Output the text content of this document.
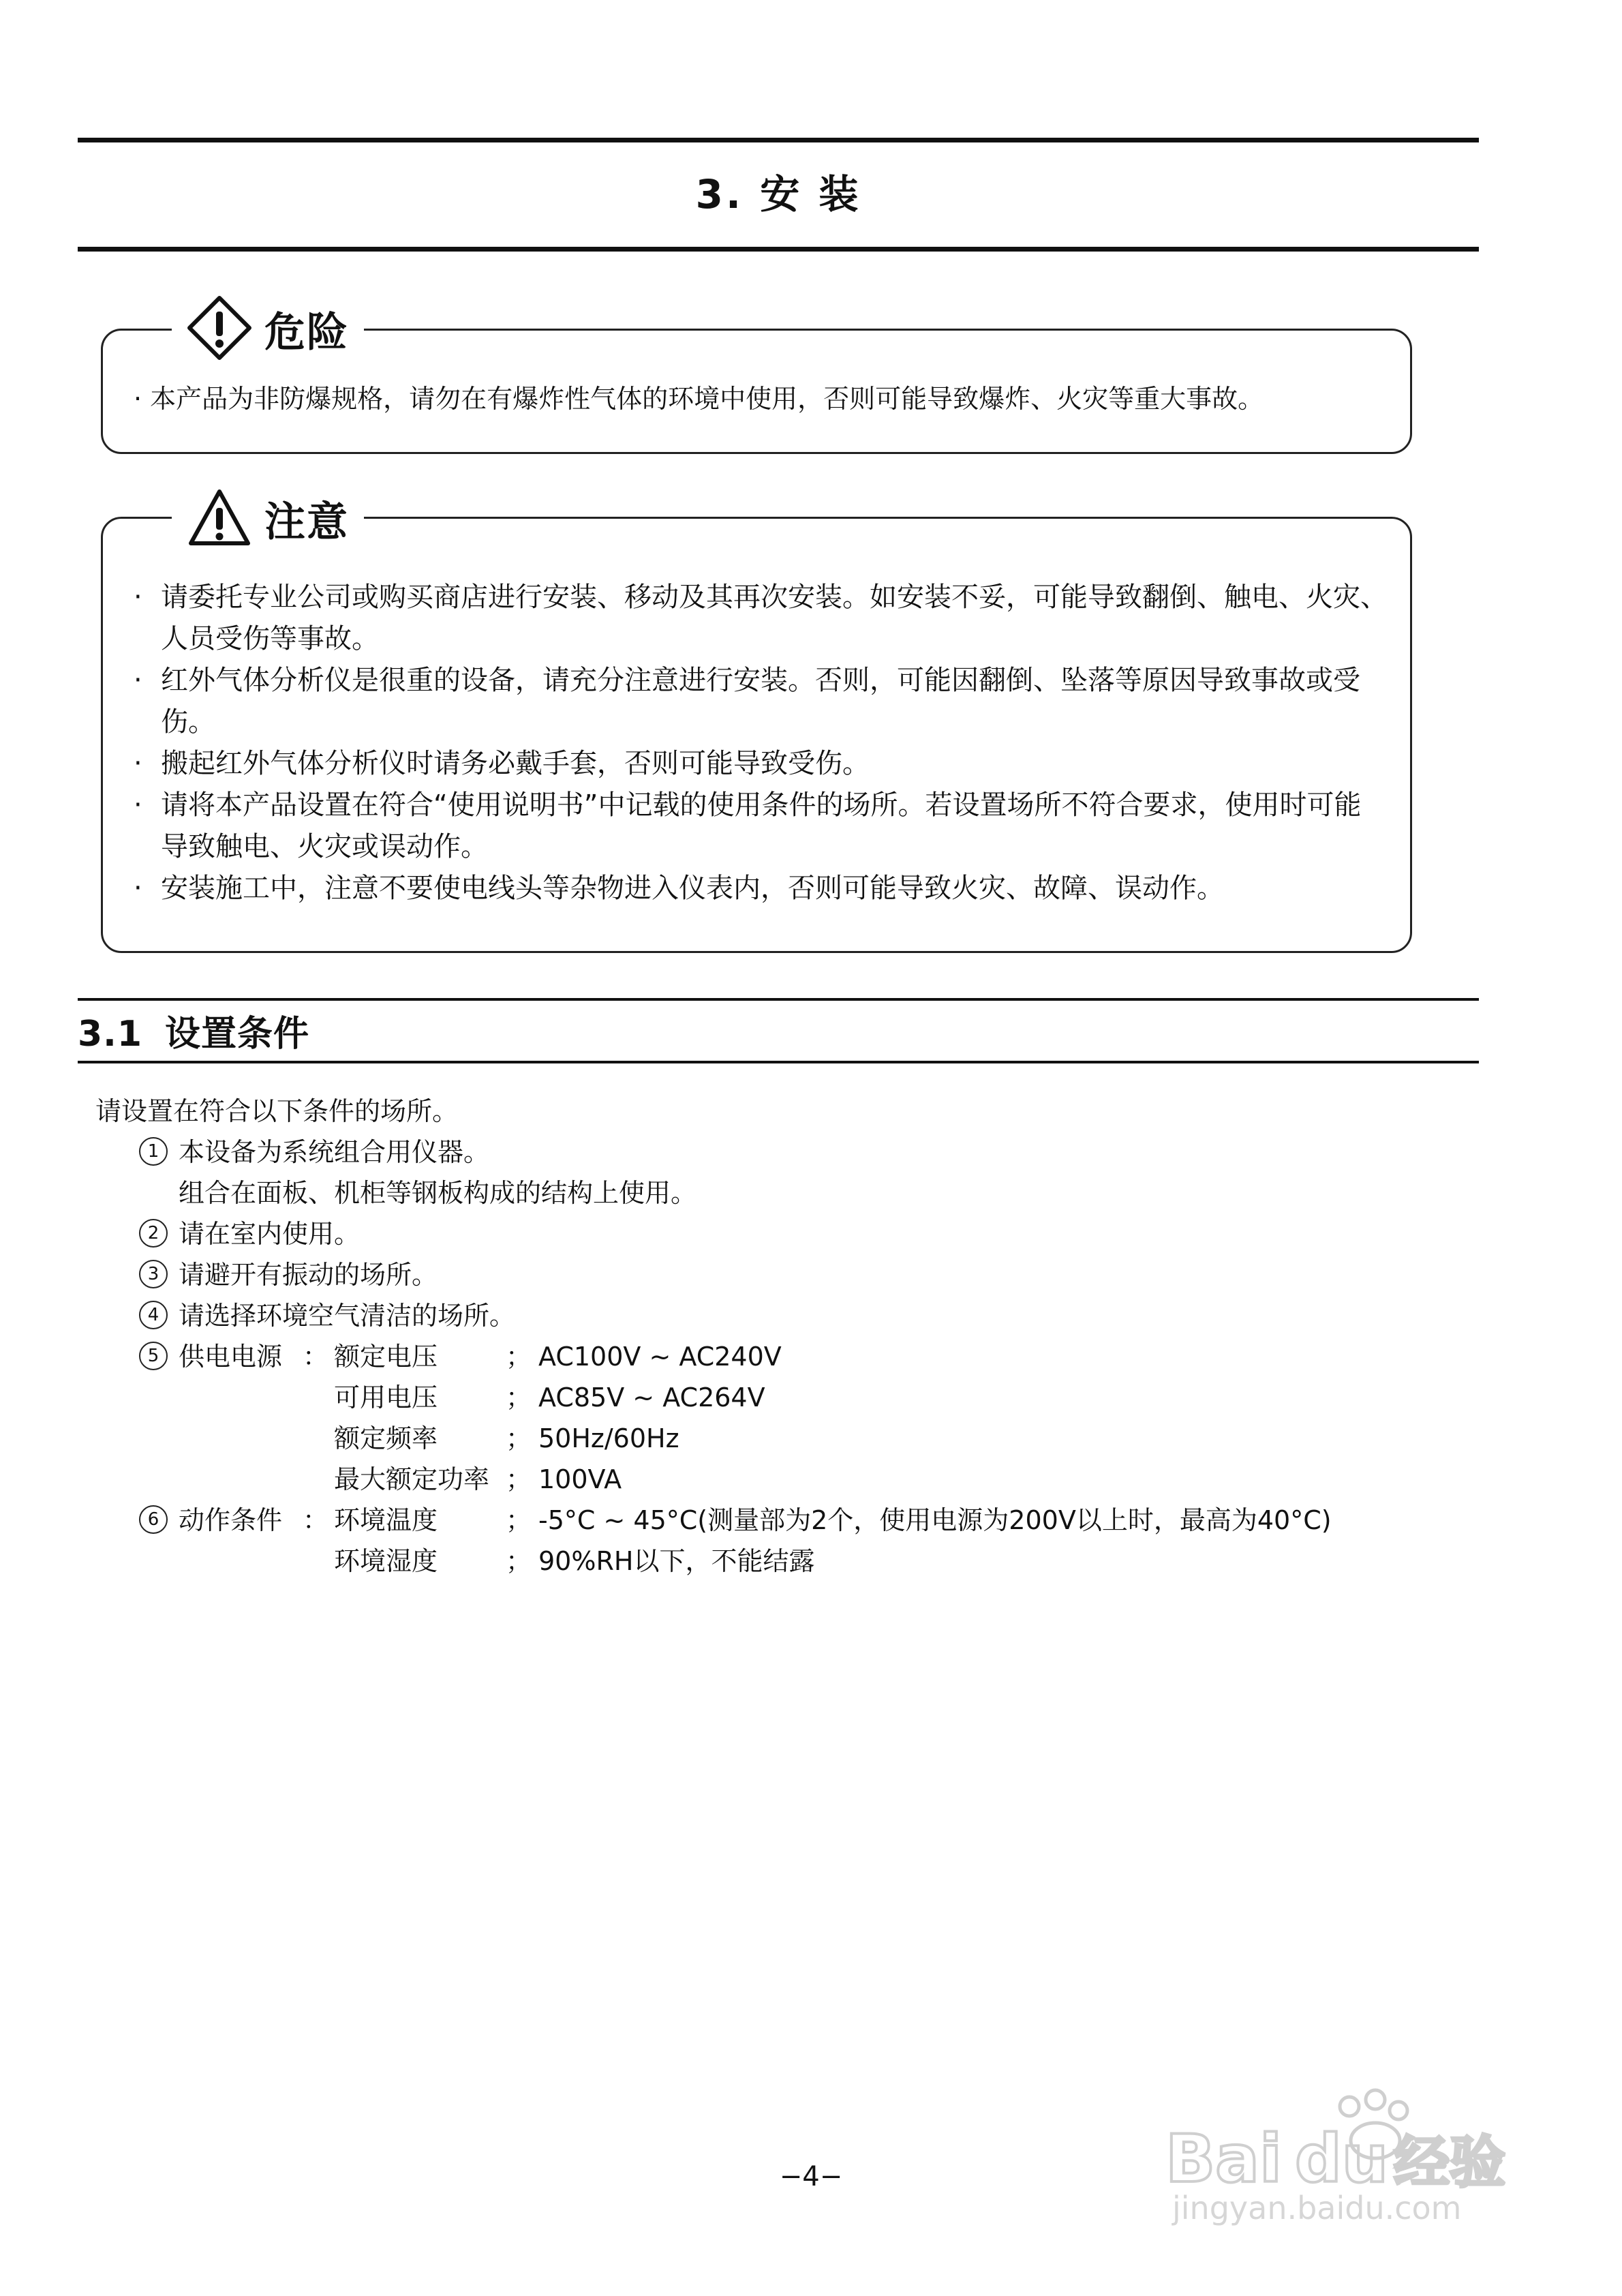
3. 安 装
危险
· 本产品为非防爆规格，请勿在有爆炸性气体的环境中使用，否则可能导致爆炸、火灾等重大事故。
注意
· 请委托专业公司或购买商店进行安装、移动及其再次安装。如安装不妥，可能导致翻倒、触电、火灾、人员受伤等事故。
· 红外气体分析仪是很重的设备，请充分注意进行安装。否则，可能因翻倒、坠落等原因导致事故或受伤。
· 搬起红外气体分析仪时请务必戴手套，否则可能导致受伤。
· 请将本产品设置在符合“使用说明书”中记载的使用条件的场所。若设置场所不符合要求，使用时可能导致触电、火灾或误动作。
· 安装施工中，注意不要使电线头等杂物进入仪表内，否则可能导致火灾、故障、误动作。
3.1 设置条件
请设置在符合以下条件的场所。
1 本设备为系统组合用仪器。
组合在面板、机柜等钢板构成的结构上使用。
2 请在室内使用。
3 请避开有振动的场所。
4 请选择环境空气清洁的场所。
5 供电电源 ： 额定电压	； AC100V ~ AC240V
可用电压	； AC85V ~ AC264V
额定频率	； 50Hz/60Hz
最大额定功率 ； 100VA
6 动作条件 ： 环境温度	； -5°C ~ 45°C(测量部为2个，使用电源为200V以上时，最高为40°C)
环境湿度	； 90%RH以下，不能结露
−4−	Bai du 经验
jingyan.baidu.com
